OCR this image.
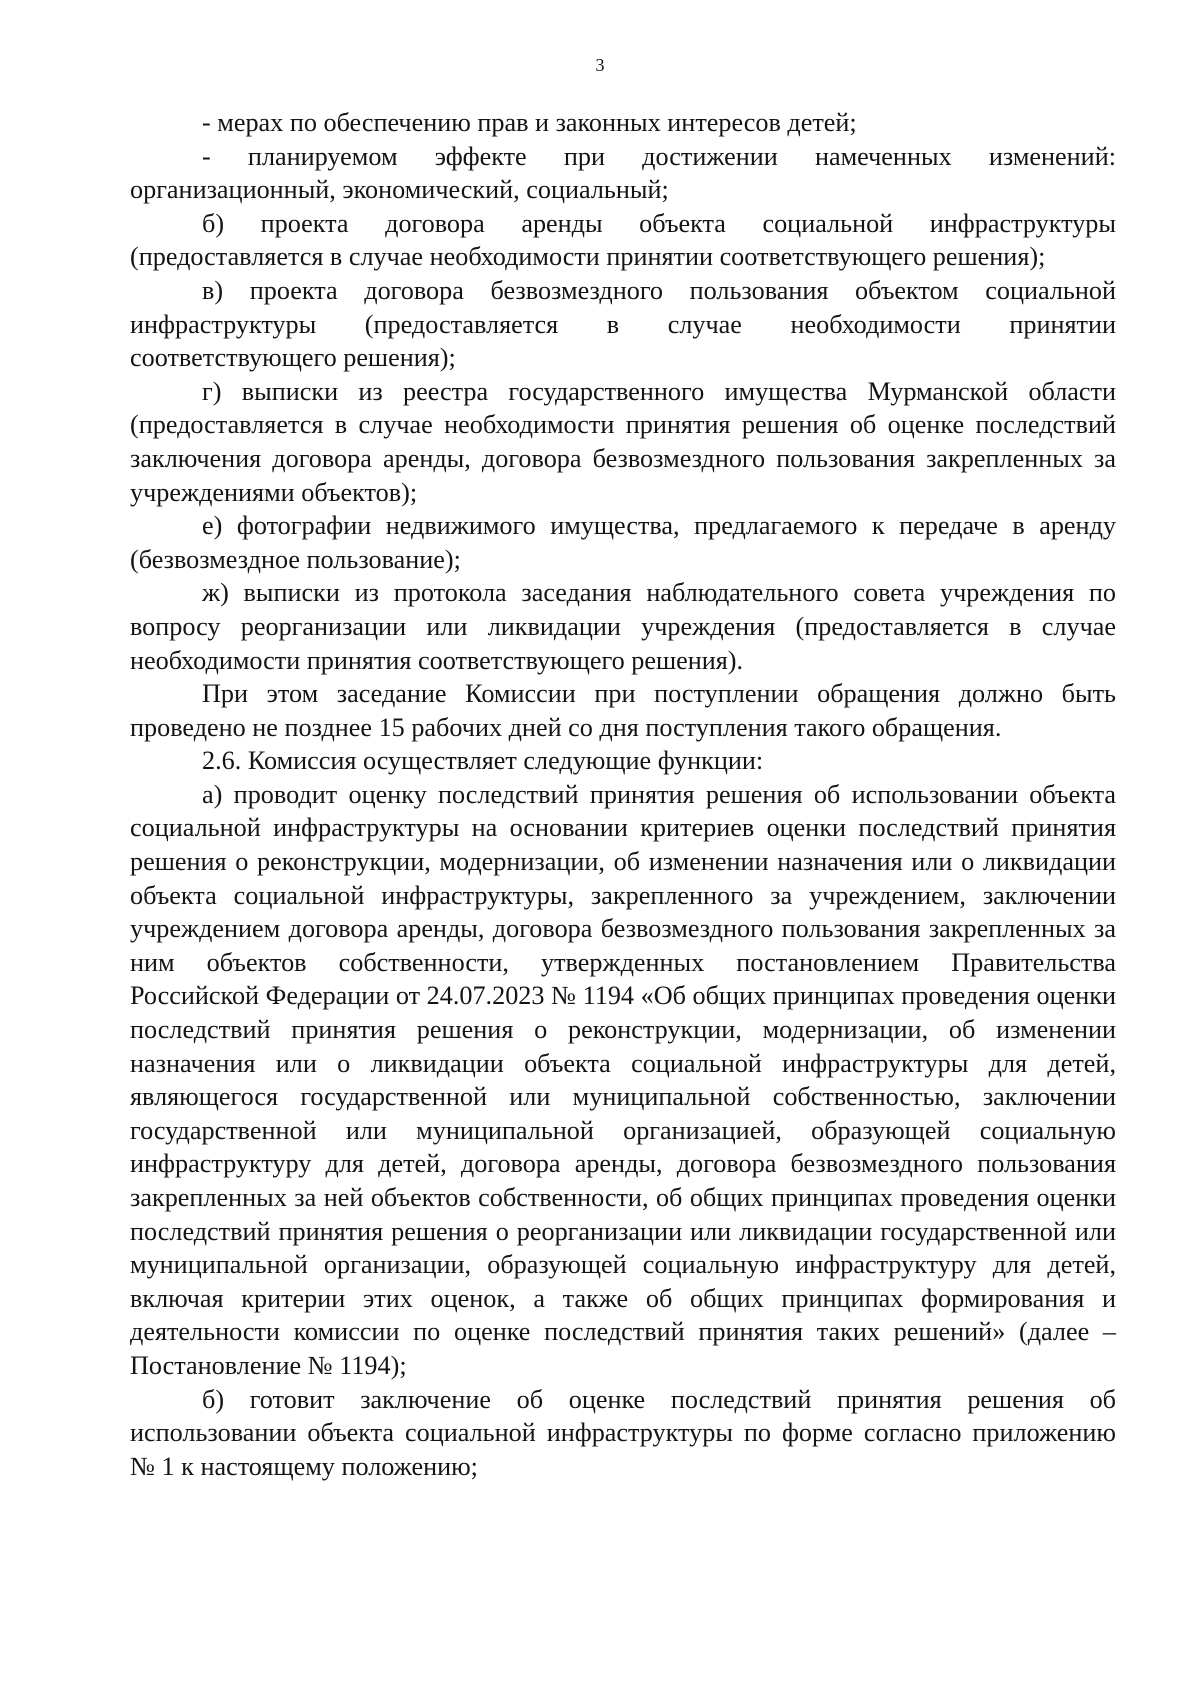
3

- мерах по обеспечению прав и законных интересов детей;

- планируемом эффекте при достижении намеченных изменений: организационный, экономический, социальный;

б) проекта договора аренды объекта социальной инфраструктуры (предоставляется в случае необходимости принятии соответствующего решения);

в) проекта договора безвозмездного пользования объектом социальной инфраструктуры (предоставляется в случае необходимости принятии соответствующего решения);

г) выписки из реестра государственного имущества Мурманской области (предоставляется в случае необходимости принятия решения об оценке последствий заключения договора аренды, договора безвозмездного пользования закрепленных за учреждениями объектов);

е) фотографии недвижимого имущества, предлагаемого к передаче в аренду (безвозмездное пользование);

ж) выписки из протокола заседания наблюдательного совета учреждения по вопросу реорганизации или ликвидации учреждения (предоставляется в случае необходимости принятия соответствующего решения).

При этом заседание Комиссии при поступлении обращения должно быть проведено не позднее 15 рабочих дней со дня поступления такого обращения.

2.6. Комиссия осуществляет следующие функции:

а) проводит оценку последствий принятия решения об использовании объекта социальной инфраструктуры на основании критериев оценки последствий принятия решения о реконструкции, модернизации, об изменении назначения или о ликвидации объекта социальной инфраструктуры, закрепленного за учреждением, заключении учреждением договора аренды, договора безвозмездного пользования закрепленных за ним объектов собственности, утвержденных постановлением Правительства Российской Федерации от 24.07.2023 № 1194 «Об общих принципах проведения оценки последствий принятия решения о реконструкции, модернизации, об изменении назначения или о ликвидации объекта социальной инфраструктуры для детей, являющегося государственной или муниципальной собственностью, заключении государственной или муниципальной организацией, образующей социальную инфраструктуру для детей, договора аренды, договора безвозмездного пользования закрепленных за ней объектов собственности, об общих принципах проведения оценки последствий принятия решения о реорганизации или ликвидации государственной или муниципальной организации, образующей социальную инфраструктуру для детей, включая критерии этих оценок, а также об общих принципах формирования и деятельности комиссии по оценке последствий принятия таких решений» (далее – Постановление № 1194);

б) готовит заключение об оценке последствий принятия решения об использовании объекта социальной инфраструктуры по форме согласно приложению № 1 к настоящему положению;
